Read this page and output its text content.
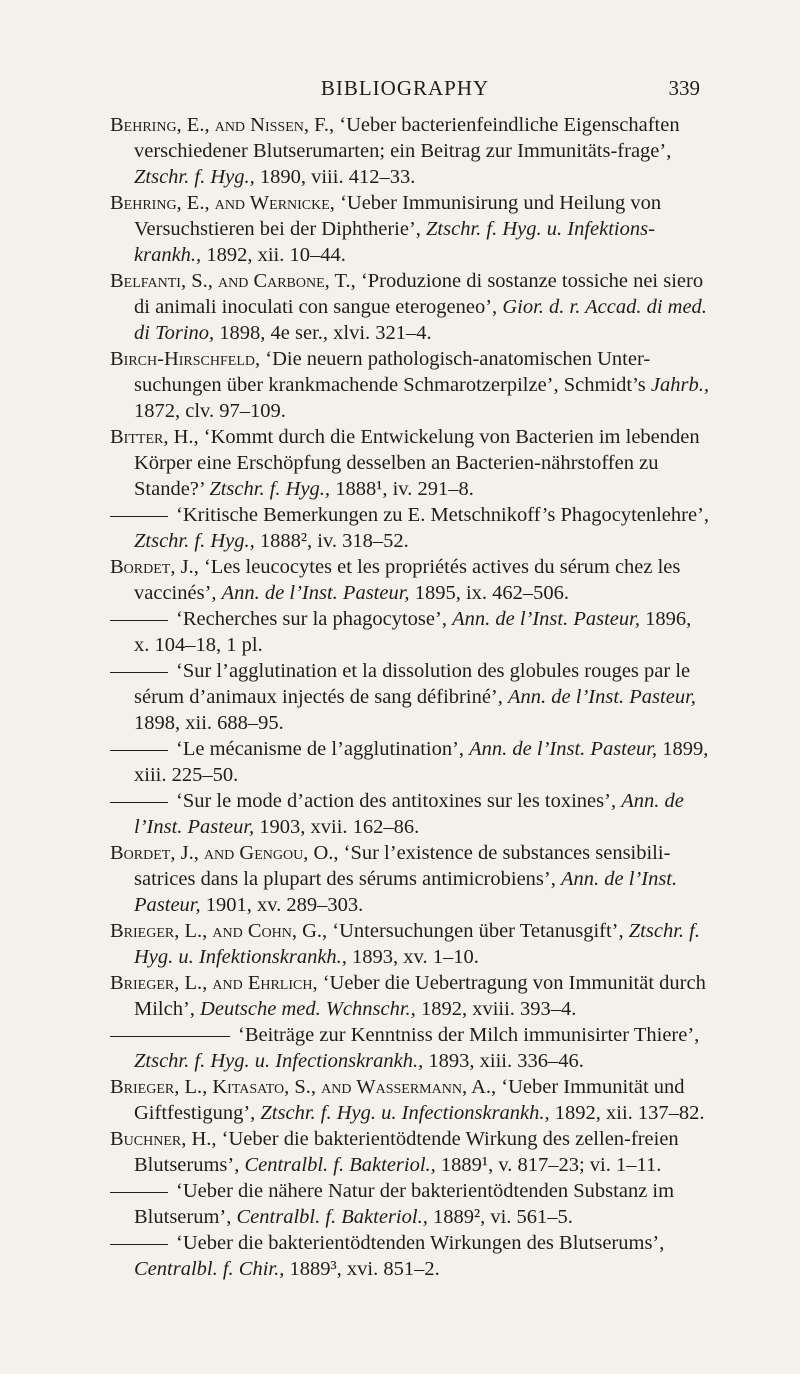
BIBLIOGRAPHY	339

Behring, E., and Nissen, F., ‘Ueber bacterienfeindliche Eigenschaften verschiedener Blutserumarten; ein Beitrag zur Immunitäts-frage’, Ztschr. f. Hyg., 1890, viii. 412–33.

Behring, E., and Wernicke, ‘Ueber Immunisirung und Heilung von Versuchstieren bei der Diphtherie’, Ztschr. f. Hyg. u. Infektions-krankh., 1892, xii. 10–44.

Belfanti, S., and Carbone, T., ‘Produzione di sostanze tossiche nei siero di animali inoculati con sangue eterogeneo’, Gior. d. r. Accad. di med. di Torino, 1898, 4e ser., xlvi. 321–4.

Birch-Hirschfeld, ‘Die neuern pathologisch-anatomischen Unter-suchungen über krankmachende Schmarotzerpilze’, Schmidt’s Jahrb., 1872, clv. 97–109.

Bitter, H., ‘Kommt durch die Entwickelung von Bacterien im lebenden Körper eine Erschöpfung desselben an Bacterien-nährstoffen zu Stande?’ Ztschr. f. Hyg., 1888¹, iv. 291–8.

‘Kritische Bemerkungen zu E. Metschnikoff’s Phagocytenlehre’, Ztschr. f. Hyg., 1888², iv. 318–52.

Bordet, J., ‘Les leucocytes et les propriétés actives du sérum chez les vaccinés’, Ann. de l’Inst. Pasteur, 1895, ix. 462–506.

‘Recherches sur la phagocytose’, Ann. de l’Inst. Pasteur, 1896, x. 104–18, 1 pl.

‘Sur l’agglutination et la dissolution des globules rouges par le sérum d’animaux injectés de sang défibriné’, Ann. de l’Inst. Pasteur, 1898, xii. 688–95.

‘Le mécanisme de l’agglutination’, Ann. de l’Inst. Pasteur, 1899, xiii. 225–50.

‘Sur le mode d’action des antitoxines sur les toxines’, Ann. de l’Inst. Pasteur, 1903, xvii. 162–86.

Bordet, J., and Gengou, O., ‘Sur l’existence de substances sensibili-satrices dans la plupart des sérums antimicrobiens’, Ann. de l’Inst. Pasteur, 1901, xv. 289–303.

Brieger, L., and Cohn, G., ‘Untersuchungen über Tetanusgift’, Ztschr. f. Hyg. u. Infektionskrankh., 1893, xv. 1–10.

Brieger, L., and Ehrlich, ‘Ueber die Uebertragung von Immunität durch Milch’, Deutsche med. Wchnschr., 1892, xviii. 393–4.

‘Beiträge zur Kenntniss der Milch immunisirter Thiere’, Ztschr. f. Hyg. u. Infectionskrankh., 1893, xiii. 336–46.

Brieger, L., Kitasato, S., and Wassermann, A., ‘Ueber Immunität und Giftfestigung’, Ztschr. f. Hyg. u. Infectionskrankh., 1892, xii. 137–82.

Buchner, H., ‘Ueber die bakterientödtende Wirkung des zellen-freien Blutserums’, Centralbl. f. Bakteriol., 1889¹, v. 817–23; vi. 1–11.

‘Ueber die nähere Natur der bakterientödtenden Substanz im Blutserum’, Centralbl. f. Bakteriol., 1889², vi. 561–5.

‘Ueber die bakterientödtenden Wirkungen des Blutserums’, Centralbl. f. Chir., 1889³, xvi. 851–2.
